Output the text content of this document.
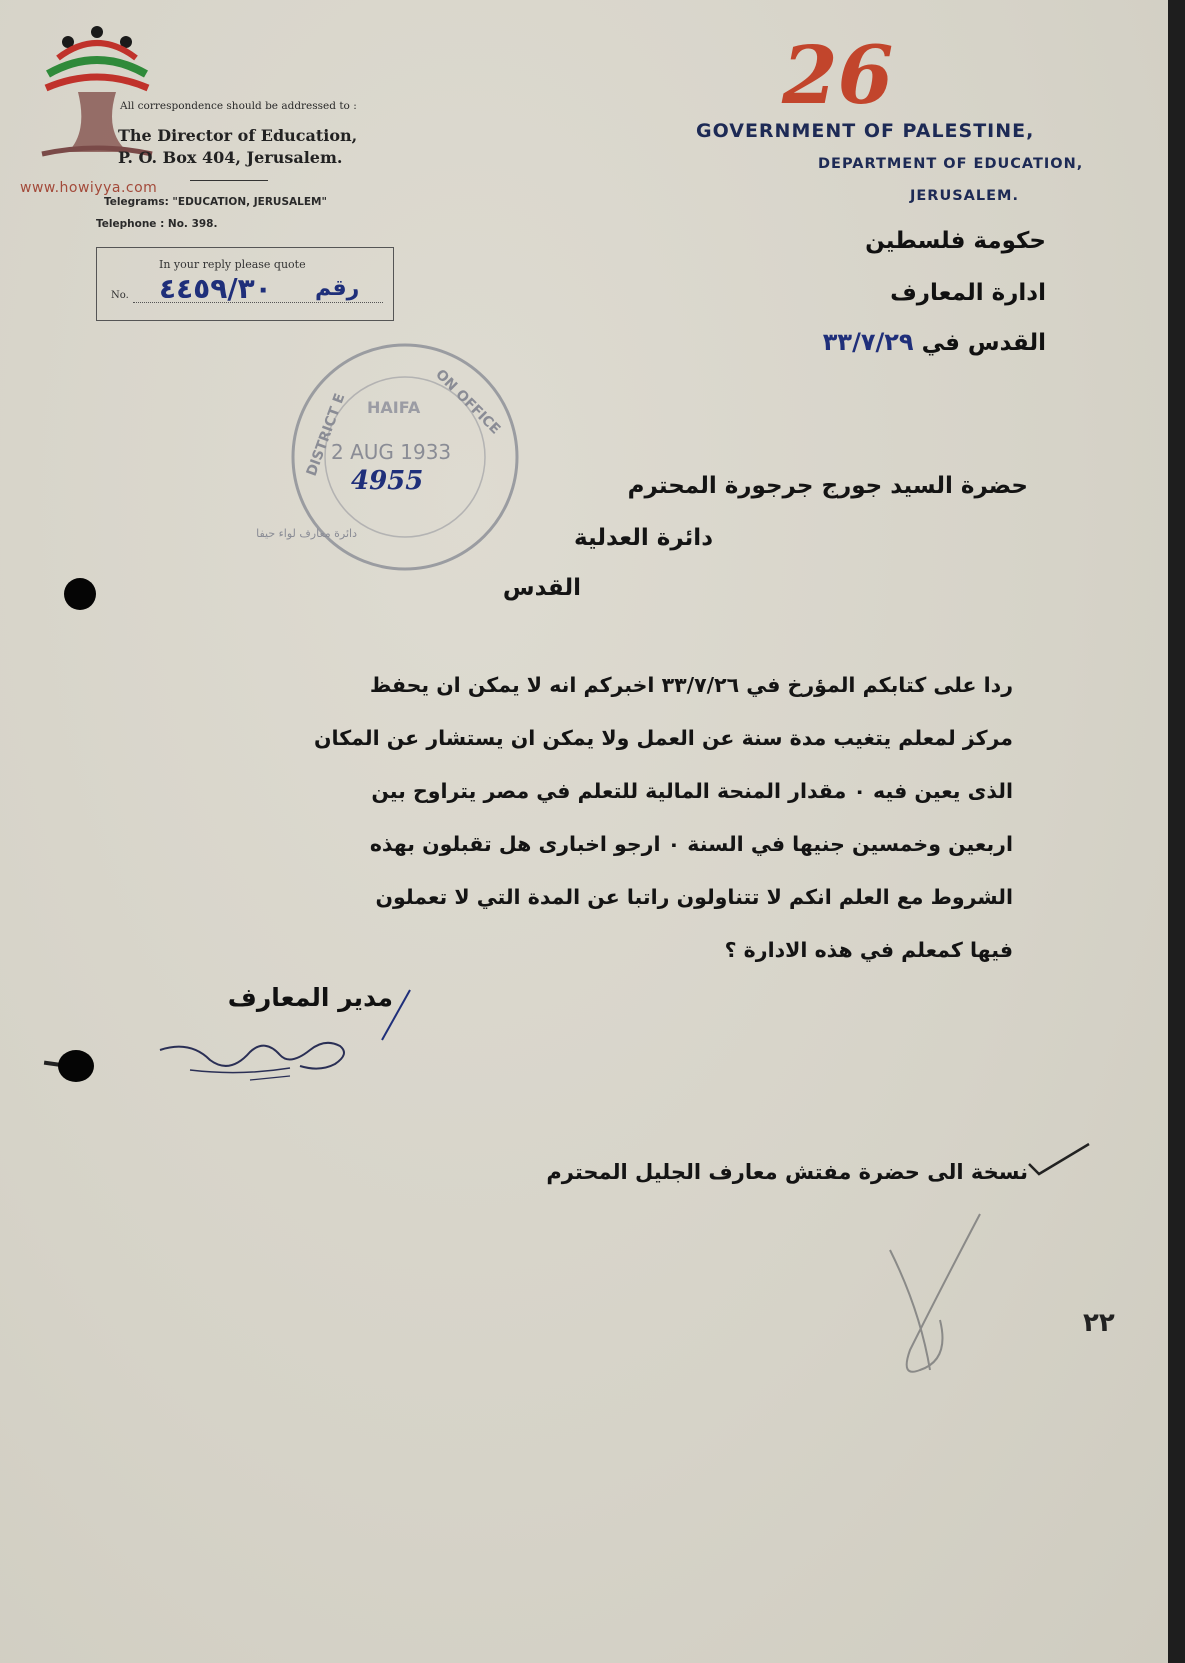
www.howiyya.com
All correspondence should be addressed to :
The Director of Education,
P. O. Box 404, Jerusalem.
Telegrams: "EDUCATION, JERUSALEM"
Telephone : No. 398.
In your reply please quote
No. ٤٤٥٩/٣٠ رقم
26
GOVERNMENT OF PALESTINE,
DEPARTMENT OF EDUCATION,
JERUSALEM.
حكومة فلسطين
ادارة المعارف
القدس في ٣٣/٧/٢٩
DISTRICT E	ON OFFICE
HAIFA
2 AUG 1933
4955
دائرة معارف لواء حيفا
حضرة السيد جورج جرجورة المحترم
دائرة العدلية
القدس
ردا على كتابكم المؤرخ في ٣٣/٧/٢٦ اخبركم انه لا يمكن ان يحفظ
مركز لمعلم يتغيب مدة سنة عن العمل ولا يمكن ان يستشار عن المكان
الذى يعين فيه ۰ مقدار المنحة المالية للتعلم في مصر يتراوح بين
اربعين وخمسين جنيها في السنة ۰ ارجو اخبارى هل تقبلون بهذه
الشروط مع العلم انكم لا تتناولون راتبا عن المدة التي لا تعملون
فيها كمعلم في هذه الادارة ؟
مدير المعارف
نسخة الى حضرة مفتش معارف الجليل المحترم
٢٢
